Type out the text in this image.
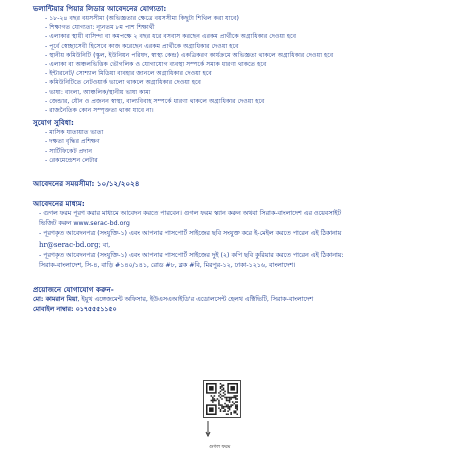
ভলান্টিয়ার পিয়ার লিডার আবেদনের যোগ্যতা:
- ১৮-২৪ বছর বয়সসীমা (অভিজ্ঞতার ক্ষেত্রে বয়সসীমা কিছুটা শিথিল করা যাবে)
- শিক্ষাগত যোগ্যতা: ন্যূনতম ৮ম পাশ শিক্ষার্থী
- এলাকার স্থায়ী বাসিন্দা বা কমপক্ষে ২ বছর ধরে বসবাস করছেন এরকম প্রার্থীকে অগ্রাধিকার দেওয়া হবে
- পূর্বে স্বেচ্ছাসেবী হিসেবে কাজ করেছেন এরকম প্রার্থীকে অগ্রাধিকার দেওয়া হবে
- স্থানীয় কমিউনিটি (স্কুল, ইউনিয়ন পরিষদ, স্বাস্থ্য কেন্দ্র) একত্রিকরণ কার্যক্রমে অভিজ্ঞতা থাকলে অগ্রাধিকার দেওয়া হবে
- এলাকা বা অঞ্চলভিত্তিক ভৌগলিক ও যোগাযোগ ব্যবস্থা সম্পর্কে সম্যক ধারণা থাকতে হবে
- ইন্টারনেট/ সোশ্যাল মিডিয়া ব্যবহার জানলে অগ্রাধিকার দেওয়া হবে
- কমিউনিটিতে নেটওয়ার্ক ভালো থাকলে অগ্রাধিকার দেওয়া হবে
- ভাষা: বাংলা, আঞ্চলিক/স্থানীয় ভাষা কাম্য
- জেন্ডার, যৌন ও প্রজনন স্বাস্থ্য, বাল্যবিবাহ সম্পর্কে ধারণা থাকলে অগ্রাধিকার দেওয়া হবে
- রাজনৈতিক কোন সম্পৃক্ততা থাকা যাবে না।
সুযোগ সুবিধা:
- মাসিক যাতায়াত ভাতা
- দক্ষতা বৃদ্ধির প্রশিক্ষণ
- সার্টিফিকেট প্রদান
- রেকমেন্ডেশন লেটার
আবেদনের সময়সীমা: ১০/১২/২০২৪
আবেদনের মাধ্যম:
- গুগল ফরম পূরণ করার মাধ্যমে আবেদন করতে পারবেন। গুগল ফরম স্ক্যান করুন অথবা সিরাক-বাংলাদেশ এর ওয়েবসাইট
ভিজিট করুন www.serac-bd.org
- পূরণকৃত আবেদনপত্র (সংযুক্তি-১) এবং আপনার পাসপোর্ট সাইজের ছবি সংযুক্ত করে ই-মেইল করতে পারেন এই ঠিকানায়
hr@serac-bd.org; বা,
- পূরণকৃত আবেদনপত্র (সংযুক্তি-১) এবং আপনার পাসপোর্ট সাইজের দুই (২) কপি ছবি কুরিয়ার করতে পারেন এই ঠিকানায়:
সিরাক-বাংলাদেশ, সি-৪, বাড়ি #১৪০/১৪১, রোড #৮, ব্লক #বি, মিরপুর-১২, ঢাকা-১২১৬, বাংলাদেশ।
প্রয়োজনে যোগাযোগ করুন-
মো: কামরান মিয়া, ইয়ুথ এঙ্গেজমেন্ট অফিসার, ইউএসএআইডি'র এডোলসেন্ট হেলথ এক্টিভিটি, সিরাক-বাংলাদেশ
মোবাইল নাম্বার: ০১৭৫৫৫১১৫০
গুগল ফরম
